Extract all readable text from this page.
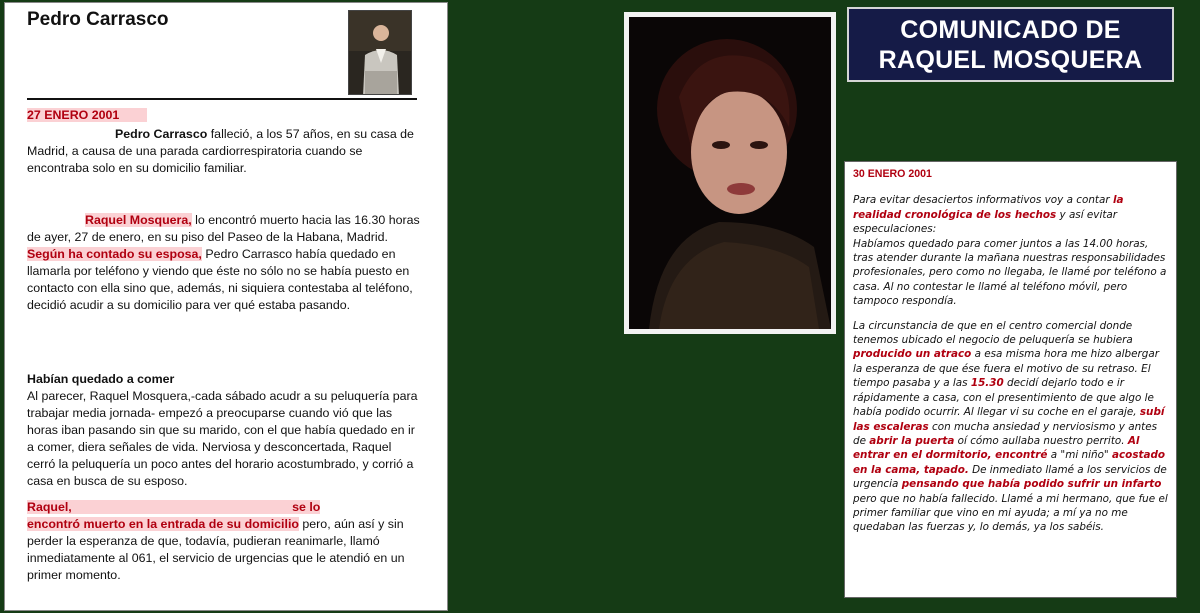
Pedro Carrasco
27 ENERO 2001

Pedro Carrasco falleció, a los 57 años, en su casa de Madrid, a causa de una parada cardiorrespiratoria cuando se encontraba solo en su domicilio familiar.

Raquel Mosquera, lo encontró muerto hacia las 16.30 horas de ayer, 27 de enero, en su piso del Paseo de la Habana, Madrid. Según ha contado su esposa, Pedro Carrasco había quedado en llamarla por teléfono y viendo que éste no sólo no se había puesto en contacto con ella sino que, además, ni siquiera contestaba al teléfono, decidió acudir a su domicilio para ver qué estaba pasando.

Habían quedado a comer
Al parecer, Raquel Mosquera,-cada sábado acudr a su peluquería para trabajar media jornada- empezó a preocuparse cuando vió que las horas iban pasando sin que su marido, con el que había quedado en ir a comer, diera señales de vida. Nerviosa y desconcertada, Raquel cerró la peluquería un poco antes del horario acostumbrado, y corrió a casa en busca de su esposo.

Raquel,	se lo
encontró muerto en la entrada de su domicilio pero, aún así y sin perder la esperanza de que, todavía, pudieran reanimarle, llamó inmediatamente al 061, el servicio de urgencias que le atendió en un primer momento.

COMUNICADO DE
RAQUEL MOSQUERA
30 ENERO 2001

Para evitar desaciertos informativos voy a contar la realidad cronológica de los hechos y así evitar especulaciones:
Habíamos quedado para comer juntos a las 14.00 horas, tras atender durante la mañana nuestras responsabilidades profesionales, pero como no llegaba, le llamé por teléfono a casa. Al no contestar le llamé al teléfono móvil, pero tampoco respondía.

La circunstancia de que en el centro comercial donde tenemos ubicado el negocio de peluquería se hubiera producido un atraco a esa misma hora me hizo albergar la esperanza de que ése fuera el motivo de su retraso. El tiempo pasaba y a las 15.30 decidí dejarlo todo e ir rápidamente a casa, con el presentimiento de que algo le había podido ocurrir. Al llegar vi su coche en el garaje, subí las escaleras con mucha ansiedad y nerviosismo y antes de abrir la puerta oí cómo aullaba nuestro perrito. Al entrar en el dormitorio, encontré a "mi niño" acostado en la cama, tapado. De inmediato llamé a los servicios de urgencia pensando que había podido sufrir un infarto pero que no había fallecido. Llamé a mi hermano, que fue el primer familiar que vino en mi ayuda; a mí ya no me quedaban las fuerzas y, lo demás, ya los sabéis.
